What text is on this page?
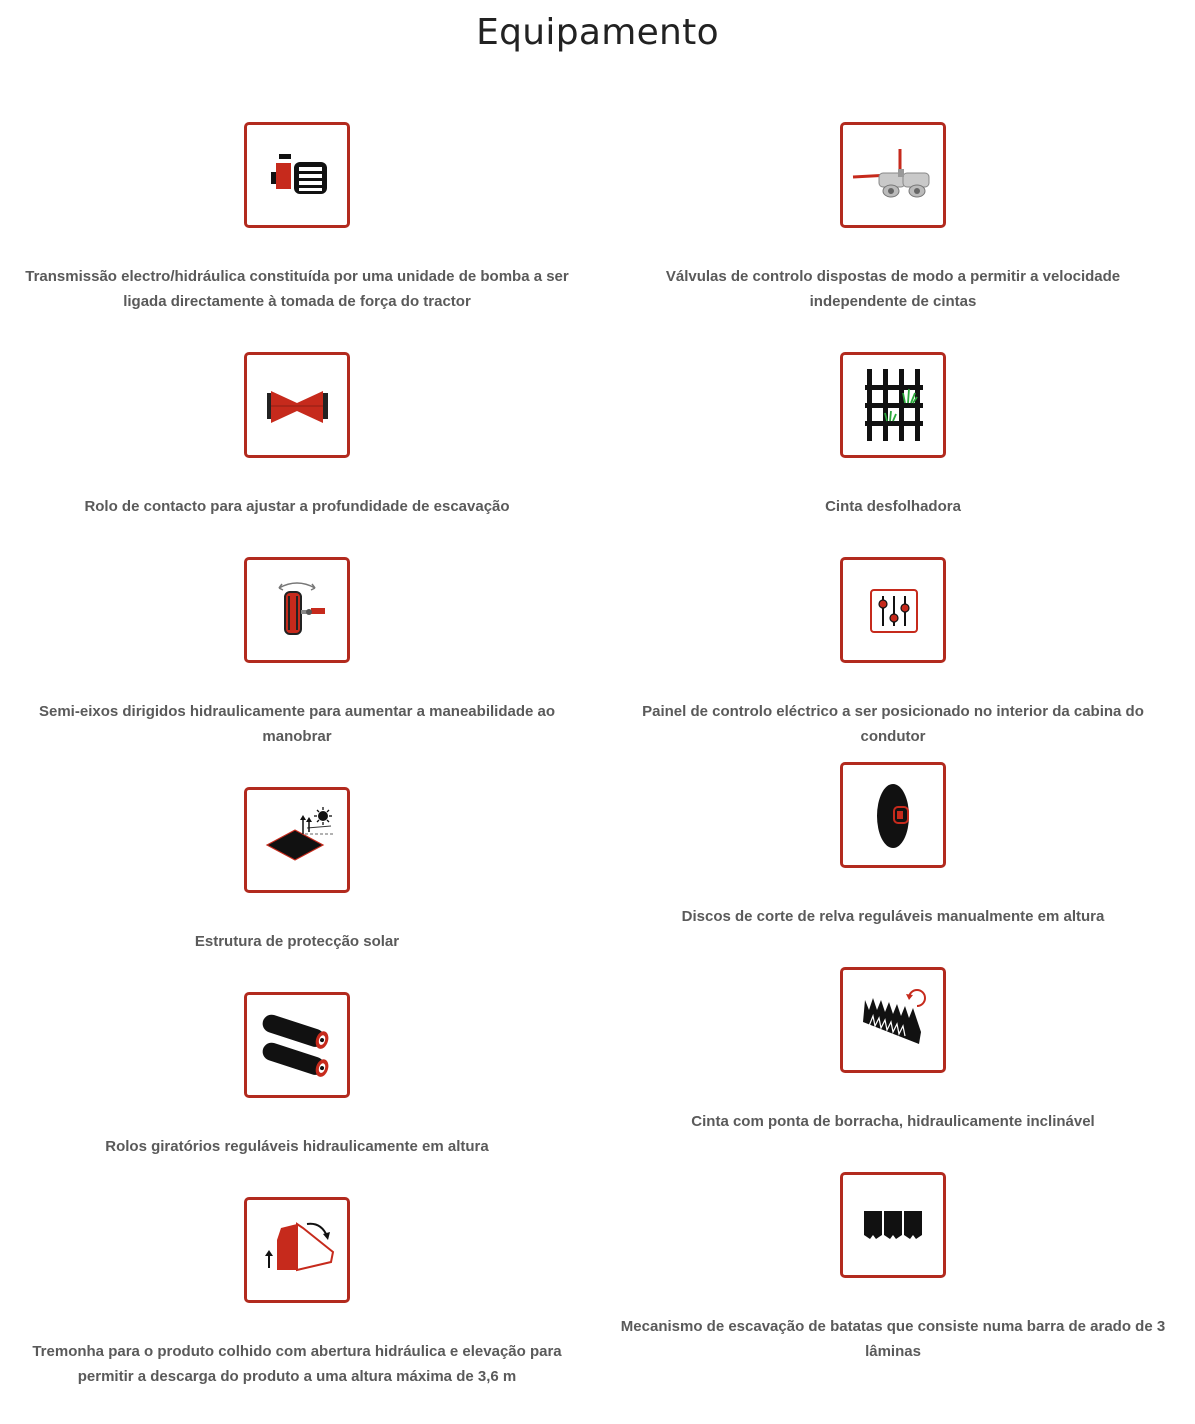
Equipamento

Transmissão electro/hidráulica constituída por uma unidade de bomba a ser ligada directamente à tomada de força do tractor

Rolo de contacto para ajustar a profundidade de escavação

Semi-eixos dirigidos hidraulicamente para aumentar a maneabilidade ao manobrar

Estrutura de protecção solar

Rolos giratórios reguláveis hidraulicamente em altura

Tremonha para o produto colhido com abertura hidráulica e elevação para permitir a descarga do produto a uma altura máxima de 3,6 m

Válvulas de controlo dispostas de modo a permitir a velocidade independente de cintas

Cinta desfolhadora

Painel de controlo eléctrico a ser posicionado no interior da cabina do condutor

Discos de corte de relva reguláveis manualmente em altura

Cinta com ponta de borracha, hidraulicamente inclinável

Mecanismo de escavação de batatas que consiste numa barra de arado de 3 lâminas
